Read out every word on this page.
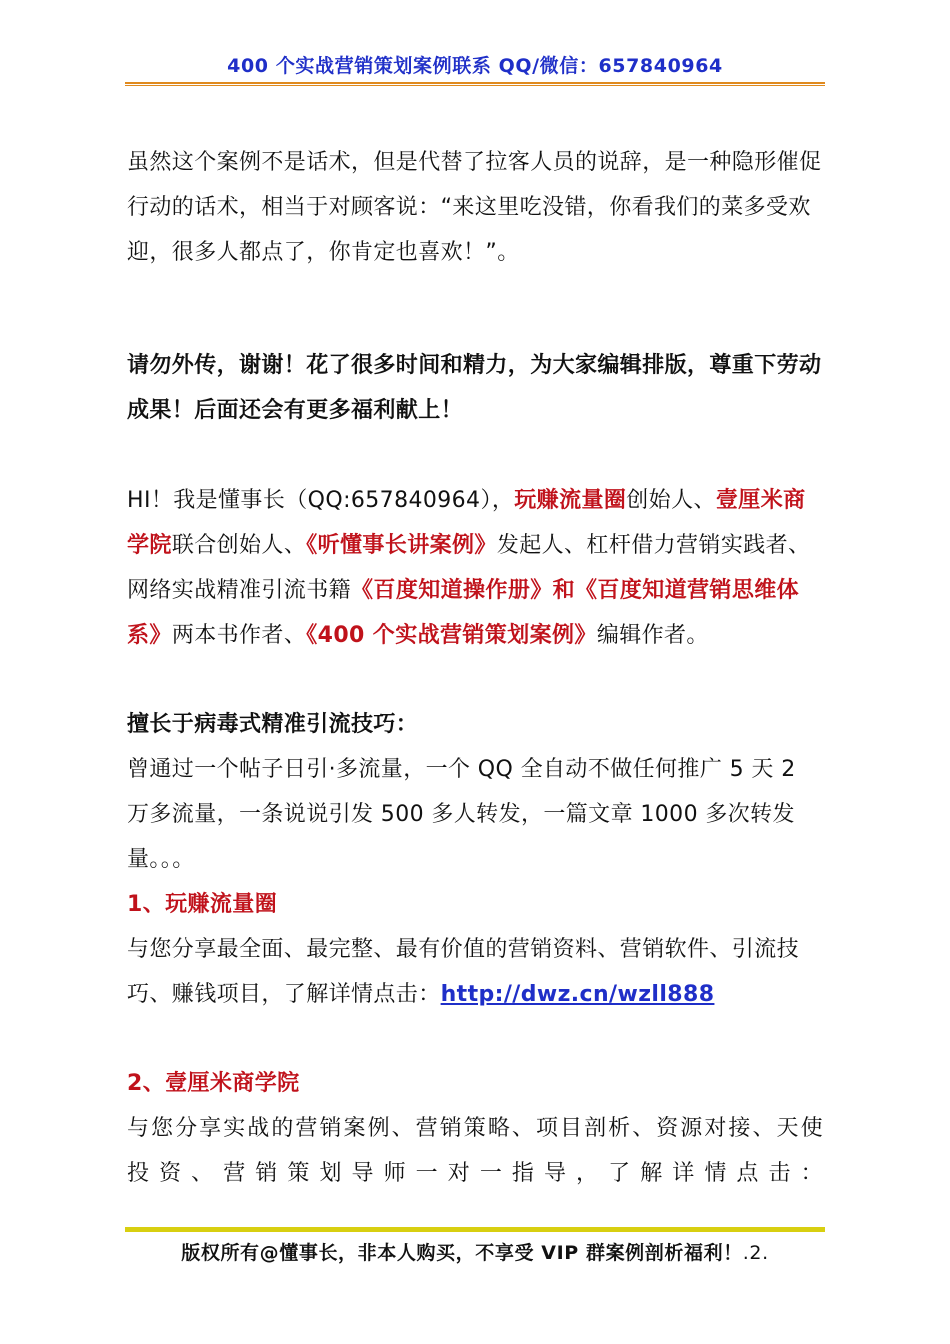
400 个实战营销策划案例联系 QQ/微信：657840964

虽然这个案例不是话术，但是代替了拉客人员的说辞，是一种隐形催促行动的话术，相当于对顾客说：“来这里吃没错，你看我们的菜多受欢迎，很多人都点了，你肯定也喜欢！”。

请勿外传，谢谢！花了很多时间和精力，为大家编辑排版，尊重下劳动成果！后面还会有更多福利献上！

HI！我是懂事长（QQ:657840964），玩赚流量圈创始人、壹厘米商学院联合创始人、《听懂事长讲案例》发起人、杠杆借力营销实践者、网络实战精准引流书籍《百度知道操作册》和《百度知道营销思维体系》两本书作者、《400 个实战营销策划案例》编辑作者。

擅长于病毒式精准引流技巧：

曾通过一个帖子日引·多流量，一个 QQ 全自动不做任何推广 5 天 2 万多流量，一条说说引发 500 多人转发，一篇文章 1000 多次转发量。。。

1、玩赚流量圈

与您分享最全面、最完整、最有价值的营销资料、营销软件、引流技巧、赚钱项目，了解详情点击：http://dwz.cn/wzll888

2、壹厘米商学院

与您分享实战的营销案例、营销策略、项目剖析、资源对接、天使

投资、营销策划导师一对一指导，了解详情点击：

版权所有@懂事长，非本人购买，不享受 VIP 群案例剖析福利！.2.
